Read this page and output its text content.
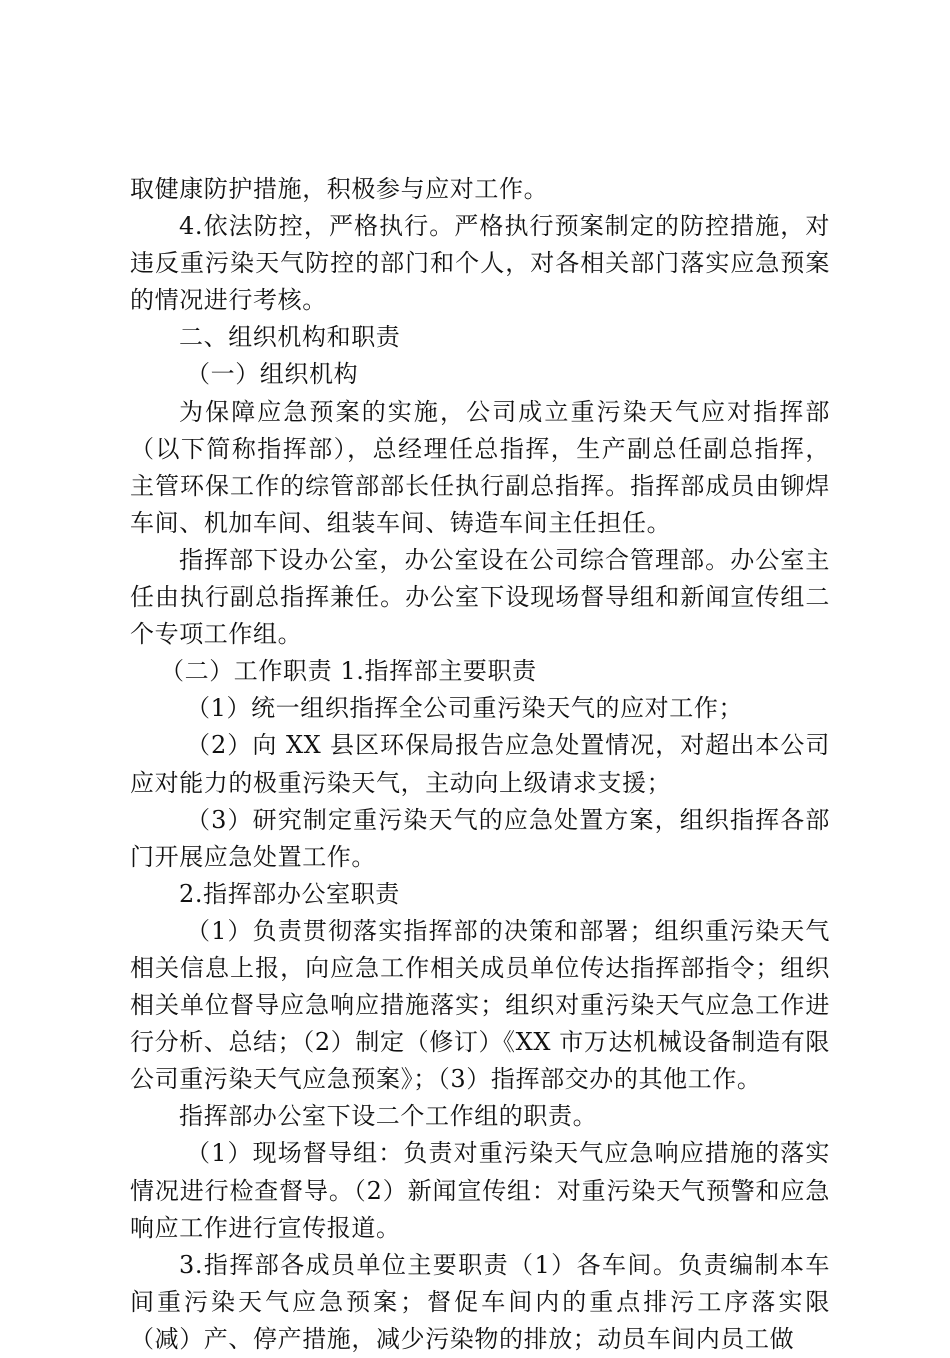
取健康防护措施，积极参与应对工作。

4.依法防控，严格执行。严格执行预案制定的防控措施，对违反重污染天气防控的部门和个人，对各相关部门落实应急预案的情况进行考核。

二、组织机构和职责

（一）组织机构

为保障应急预案的实施，公司成立重污染天气应对指挥部（以下简称指挥部），总经理任总指挥，生产副总任副总指挥，主管环保工作的综管部部长任执行副总指挥。指挥部成员由铆焊车间、机加车间、组装车间、铸造车间主任担任。

指挥部下设办公室，办公室设在公司综合管理部。办公室主任由执行副总指挥兼任。办公室下设现场督导组和新闻宣传组二个专项工作组。

（二）工作职责 1.指挥部主要职责

（1）统一组织指挥全公司重污染天气的应对工作；

（2）向 XX 县区环保局报告应急处置情况，对超出本公司应对能力的极重污染天气，主动向上级请求支援；

（3）研究制定重污染天气的应急处置方案，组织指挥各部门开展应急处置工作。

2.指挥部办公室职责

（1）负责贯彻落实指挥部的决策和部署；组织重污染天气相关信息上报，向应急工作相关成员单位传达指挥部指令；组织相关单位督导应急响应措施落实；组织对重污染天气应急工作进行分析、总结；（2）制定（修订）《XX 市万达机械设备制造有限公司重污染天气应急预案》；（3）指挥部交办的其他工作。

指挥部办公室下设二个工作组的职责。

（1）现场督导组：负责对重污染天气应急响应措施的落实情况进行检查督导。（2）新闻宣传组：对重污染天气预警和应急响应工作进行宣传报道。

3.指挥部各成员单位主要职责（1）各车间。负责编制本车间重污染天气应急预案；督促车间内的重点排污工序落实限（减）产、停产措施，减少污染物的排放；动员车间内员工做
